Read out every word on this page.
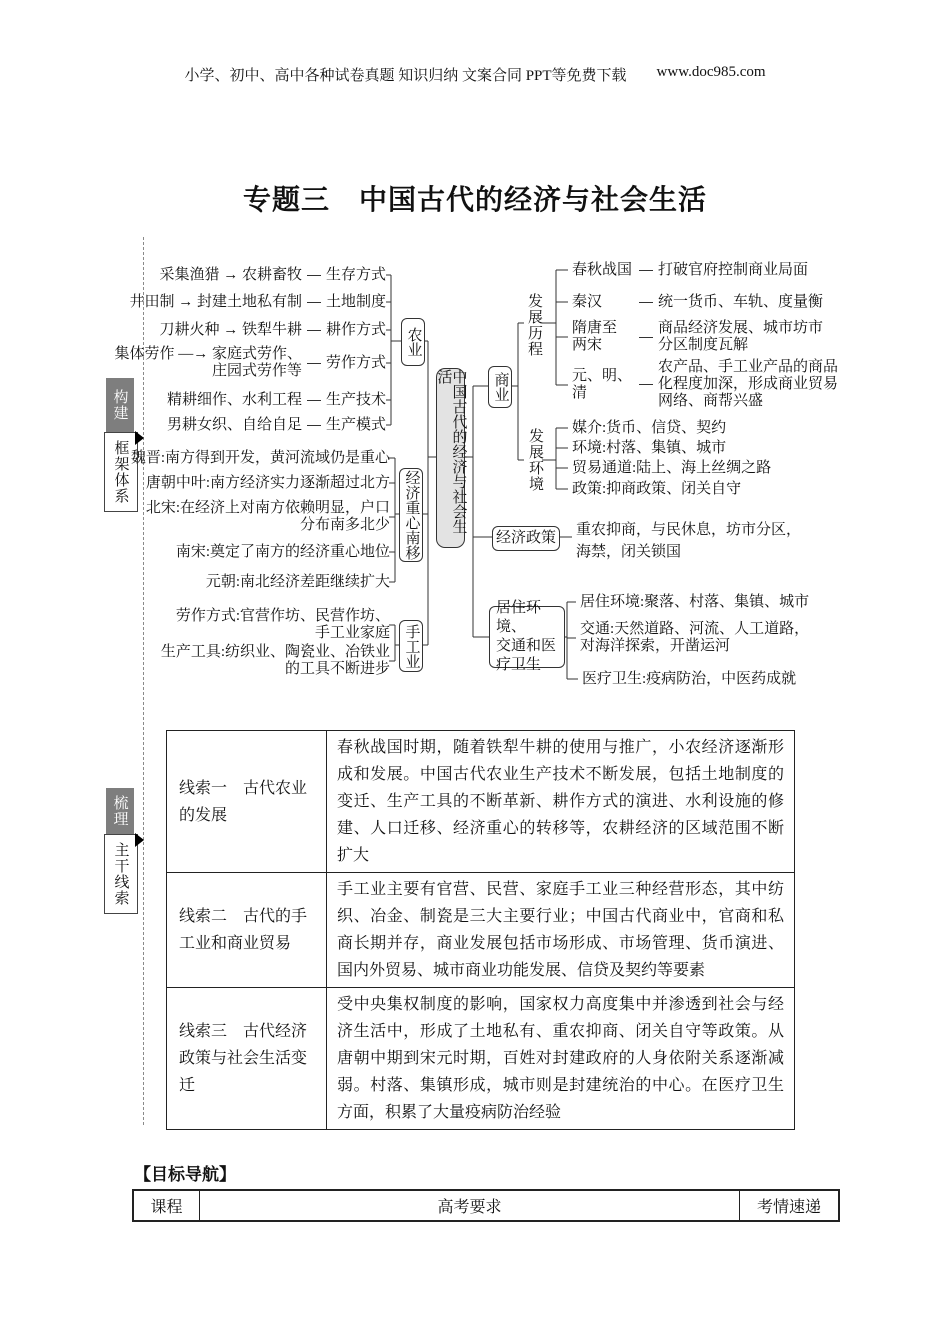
小学、初中、高中各种试卷真题 知识归纳 文案合同 PPT等免费下载 www.doc985.com
专题三　中国古代的经济与社会生活
构建
框架体系
梳理
主干线索
中国古代的经济与社会生活
农业
经济重心南移
手工业
商业
发展历程
发展环境
经济政策
居住环境、
交通和医
疗卫生
采集渔猎 → 农耕畜牧 生存方式
井田制 → 封建土地私有制 土地制度
刀耕火种 → 铁犁牛耕 耕作方式
集体劳作 —→ 家庭式劳作、
庄园式劳作等 劳作方式
精耕细作、水利工程 生产技术
男耕女织、自给自足 生产模式
魏晋:南方得到开发，黄河流域仍是重心
唐朝中叶:南方经济实力逐渐超过北方
北宋:在经济上对南方依赖明显，户口
分布南多北少
南宋:奠定了南方的经济重心地位
元朝:南北经济差距继续扩大
劳作方式:官营作坊、民营作坊、
手工业家庭
生产工具:纺织业、陶瓷业、冶铁业
的工具不断进步
春秋战国 打破官府控制商业局面
秦汉	统一货币、车轨、度量衡
隋唐至
两宋
商品经济发展、城市坊市
分区制度瓦解
元、明、
清
农产品、手工业产品的商品
化程度加深，形成商业贸易
网络、商帮兴盛
媒介:货币、信贷、契约
环境:村落、集镇、城市
贸易通道:陆上、海上丝绸之路
政策:抑商政策、闭关自守
重农抑商，与民休息，坊市分区，
海禁，闭关锁国
居住环境:聚落、村落、集镇、城市
交通:天然道路、河流、人工道路，
对海洋探索，开凿运河
医疗卫生:疫病防治，中医药成就
线索一　古代农业的发展	春秋战国时期，随着铁犁牛耕的使用与推广，小农经济逐渐形成和发展。中国古代农业生产技术不断发展，包括土地制度的变迁、生产工具的不断革新、耕作方式的演进、水利设施的修建、人口迁移、经济重心的转移等，农耕经济的区域范围不断扩大
线索二　古代的手工业和商业贸易	手工业主要有官营、民营、家庭手工业三种经营形态，其中纺织、冶金、制瓷是三大主要行业；中国古代商业中，官商和私商长期并存，商业发展包括市场形成、市场管理、货币演进、国内外贸易、城市商业功能发展、信贷及契约等要素
线索三　古代经济政策与社会生活变迁	受中央集权制度的影响，国家权力高度集中并渗透到社会与经济生活中，形成了土地私有、重农抑商、闭关自守等政策。从唐朝中期到宋元时期，百姓对封建政府的人身依附关系逐渐减弱。村落、集镇形成，城市则是封建统治的中心。在医疗卫生方面，积累了大量疫病防治经验
【目标导航】
课程	高考要求	考情速递
